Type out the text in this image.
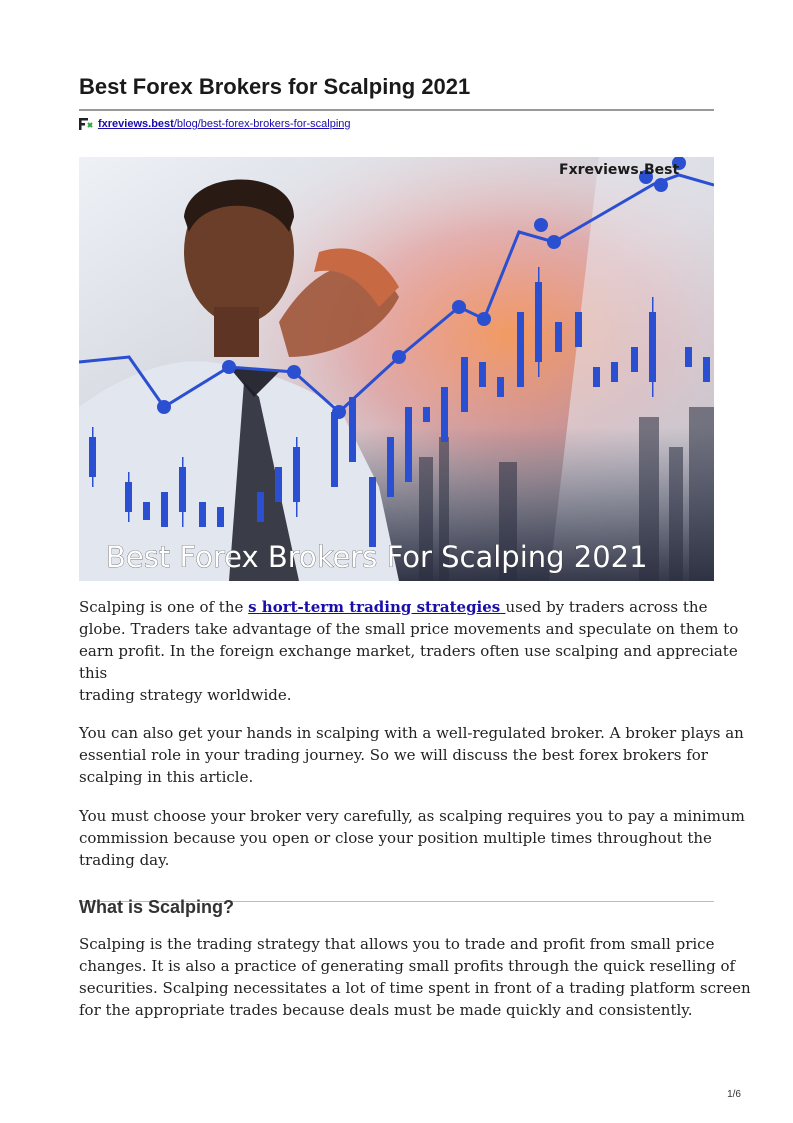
Best Forex Brokers for Scalping 2021
fxreviews.best/blog/best-forex-brokers-for-scalping
Fxreviews.Best
Best Forex Brokers For Scalping 2021

Scalping is one of the s hort-term trading strategies used by traders across the
globe. Traders take advantage of the small price movements and speculate on them to
earn profit. In the foreign exchange market, traders often use scalping and appreciate
this
trading strategy worldwide.

You can also get your hands in scalping with a well-regulated broker. A broker plays an
essential role in your trading journey. So we will discuss the best forex brokers for
scalping in this article.

You must choose your broker very carefully, as scalping requires you to pay a minimum
commission because you open or close your position multiple times throughout the
trading day.

What is Scalping?

Scalping is the trading strategy that allows you to trade and profit from small price
changes. It is also a practice of generating small profits through the quick reselling of
securities. Scalping necessitates a lot of time spent in front of a trading platform screen
for the appropriate trades because deals must be made quickly and consistently.

1/6
